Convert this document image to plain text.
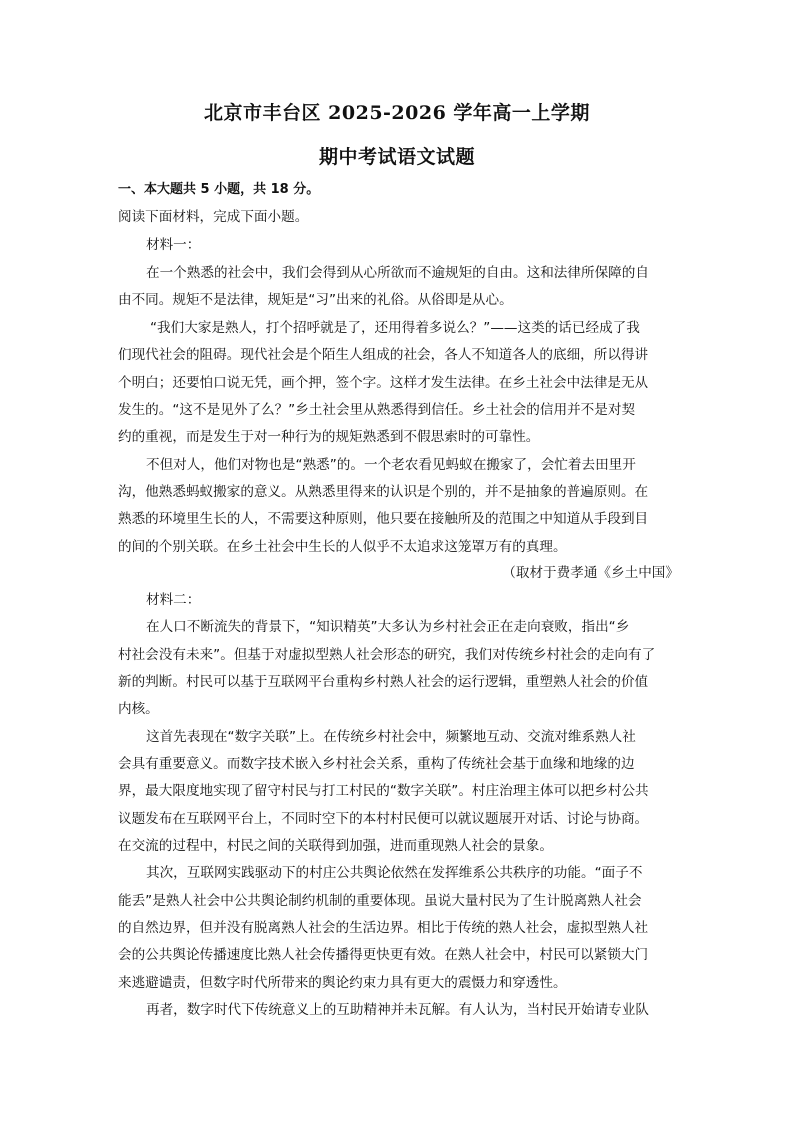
北京市丰台区 2025-2026 学年高一上学期
期中考试语文试题
一、本大题共 5 小题，共 18 分。
阅读下面材料，完成下面小题。
材料一：
在一个熟悉的社会中，我们会得到从心所欲而不逾规矩的自由。这和法律所保障的自
由不同。规矩不是法律，规矩是“习”出来的礼俗。从俗即是从心。
“我们大家是熟人，打个招呼就是了，还用得着多说么？”——这类的话已经成了我
们现代社会的阻碍。现代社会是个陌生人组成的社会，各人不知道各人的底细，所以得讲
个明白；还要怕口说无凭，画个押，签个字。这样才发生法律。在乡土社会中法律是无从
发生的。“这不是见外了么？”乡土社会里从熟悉得到信任。乡土社会的信用并不是对契
约的重视，而是发生于对一种行为的规矩熟悉到不假思索时的可靠性。
不但对人，他们对物也是“熟悉”的。一个老农看见蚂蚁在搬家了，会忙着去田里开
沟，他熟悉蚂蚁搬家的意义。从熟悉里得来的认识是个别的，并不是抽象的普遍原则。在
熟悉的环境里生长的人，不需要这种原则，他只要在接触所及的范围之中知道从手段到目
的间的个别关联。在乡土社会中生长的人似乎不太追求这笼罩万有的真理。
（取材于费孝通《乡土中国》
材料二：
在人口不断流失的背景下，“知识精英”大多认为乡村社会正在走向衰败，指出“乡
村社会没有未来”。但基于对虚拟型熟人社会形态的研究，我们对传统乡村社会的走向有了
新的判断。村民可以基于互联网平台重构乡村熟人社会的运行逻辑，重塑熟人社会的价值
内核。
这首先表现在“数字关联”上。在传统乡村社会中，频繁地互动、交流对维系熟人社
会具有重要意义。而数字技术嵌入乡村社会关系，重构了传统社会基于血缘和地缘的边
界，最大限度地实现了留守村民与打工村民的“数字关联”。村庄治理主体可以把乡村公共
议题发布在互联网平台上，不同时空下的本村村民便可以就议题展开对话、讨论与协商。
在交流的过程中，村民之间的关联得到加强，进而重现熟人社会的景象。
其次，互联网实践驱动下的村庄公共舆论依然在发挥维系公共秩序的功能。“面子不
能丢”是熟人社会中公共舆论制约机制的重要体现。虽说大量村民为了生计脱离熟人社会
的自然边界，但并没有脱离熟人社会的生活边界。相比于传统的熟人社会，虚拟型熟人社
会的公共舆论传播速度比熟人社会传播得更快更有效。在熟人社会中，村民可以紧锁大门
来逃避谴责，但数字时代所带来的舆论约束力具有更大的震慑力和穿透性。
再者，数字时代下传统意义上的互助精神并未瓦解。有人认为，当村民开始请专业队
